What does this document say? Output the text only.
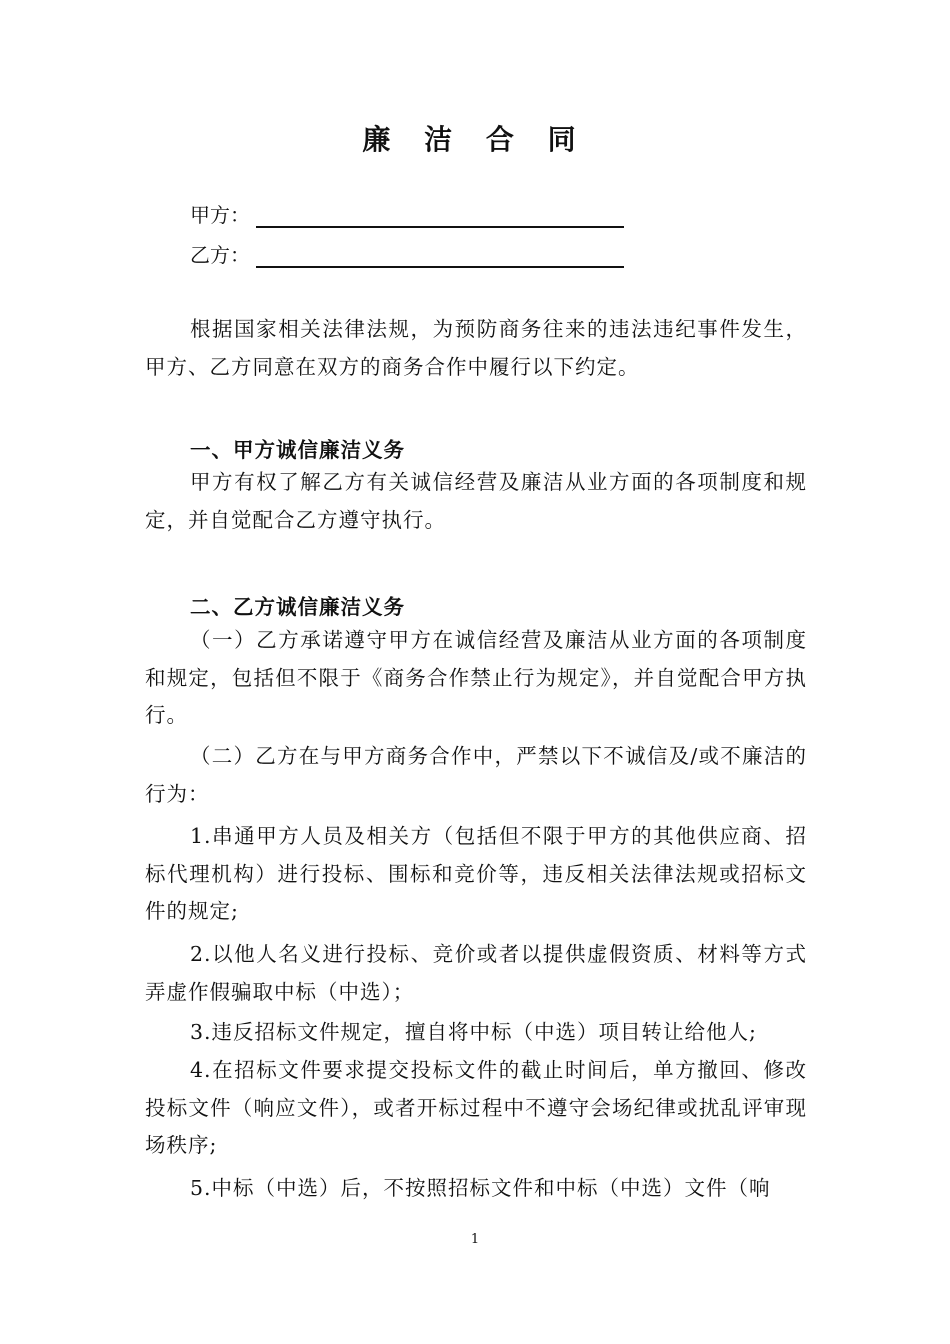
廉 洁 合 同
甲方：
乙方：
根据国家相关法律法规，为预防商务往来的违法违纪事件发生，甲方、乙方同意在双方的商务合作中履行以下约定。
一、甲方诚信廉洁义务
甲方有权了解乙方有关诚信经营及廉洁从业方面的各项制度和规定，并自觉配合乙方遵守执行。
二、乙方诚信廉洁义务
（一）乙方承诺遵守甲方在诚信经营及廉洁从业方面的各项制度和规定，包括但不限于《商务合作禁止行为规定》，并自觉配合甲方执行。
（二）乙方在与甲方商务合作中，严禁以下不诚信及/或不廉洁的行为：
1.串通甲方人员及相关方（包括但不限于甲方的其他供应商、招标代理机构）进行投标、围标和竞价等，违反相关法律法规或招标文件的规定;
2.以他人名义进行投标、竞价或者以提供虚假资质、材料等方式弄虚作假骗取中标（中选）；
3.违反招标文件规定，擅自将中标（中选）项目转让给他人;
4.在招标文件要求提交投标文件的截止时间后，单方撤回、修改投标文件（响应文件），或者开标过程中不遵守会场纪律或扰乱评审现场秩序;
5.中标（中选）后，不按照招标文件和中标（中选）文件（响
1
